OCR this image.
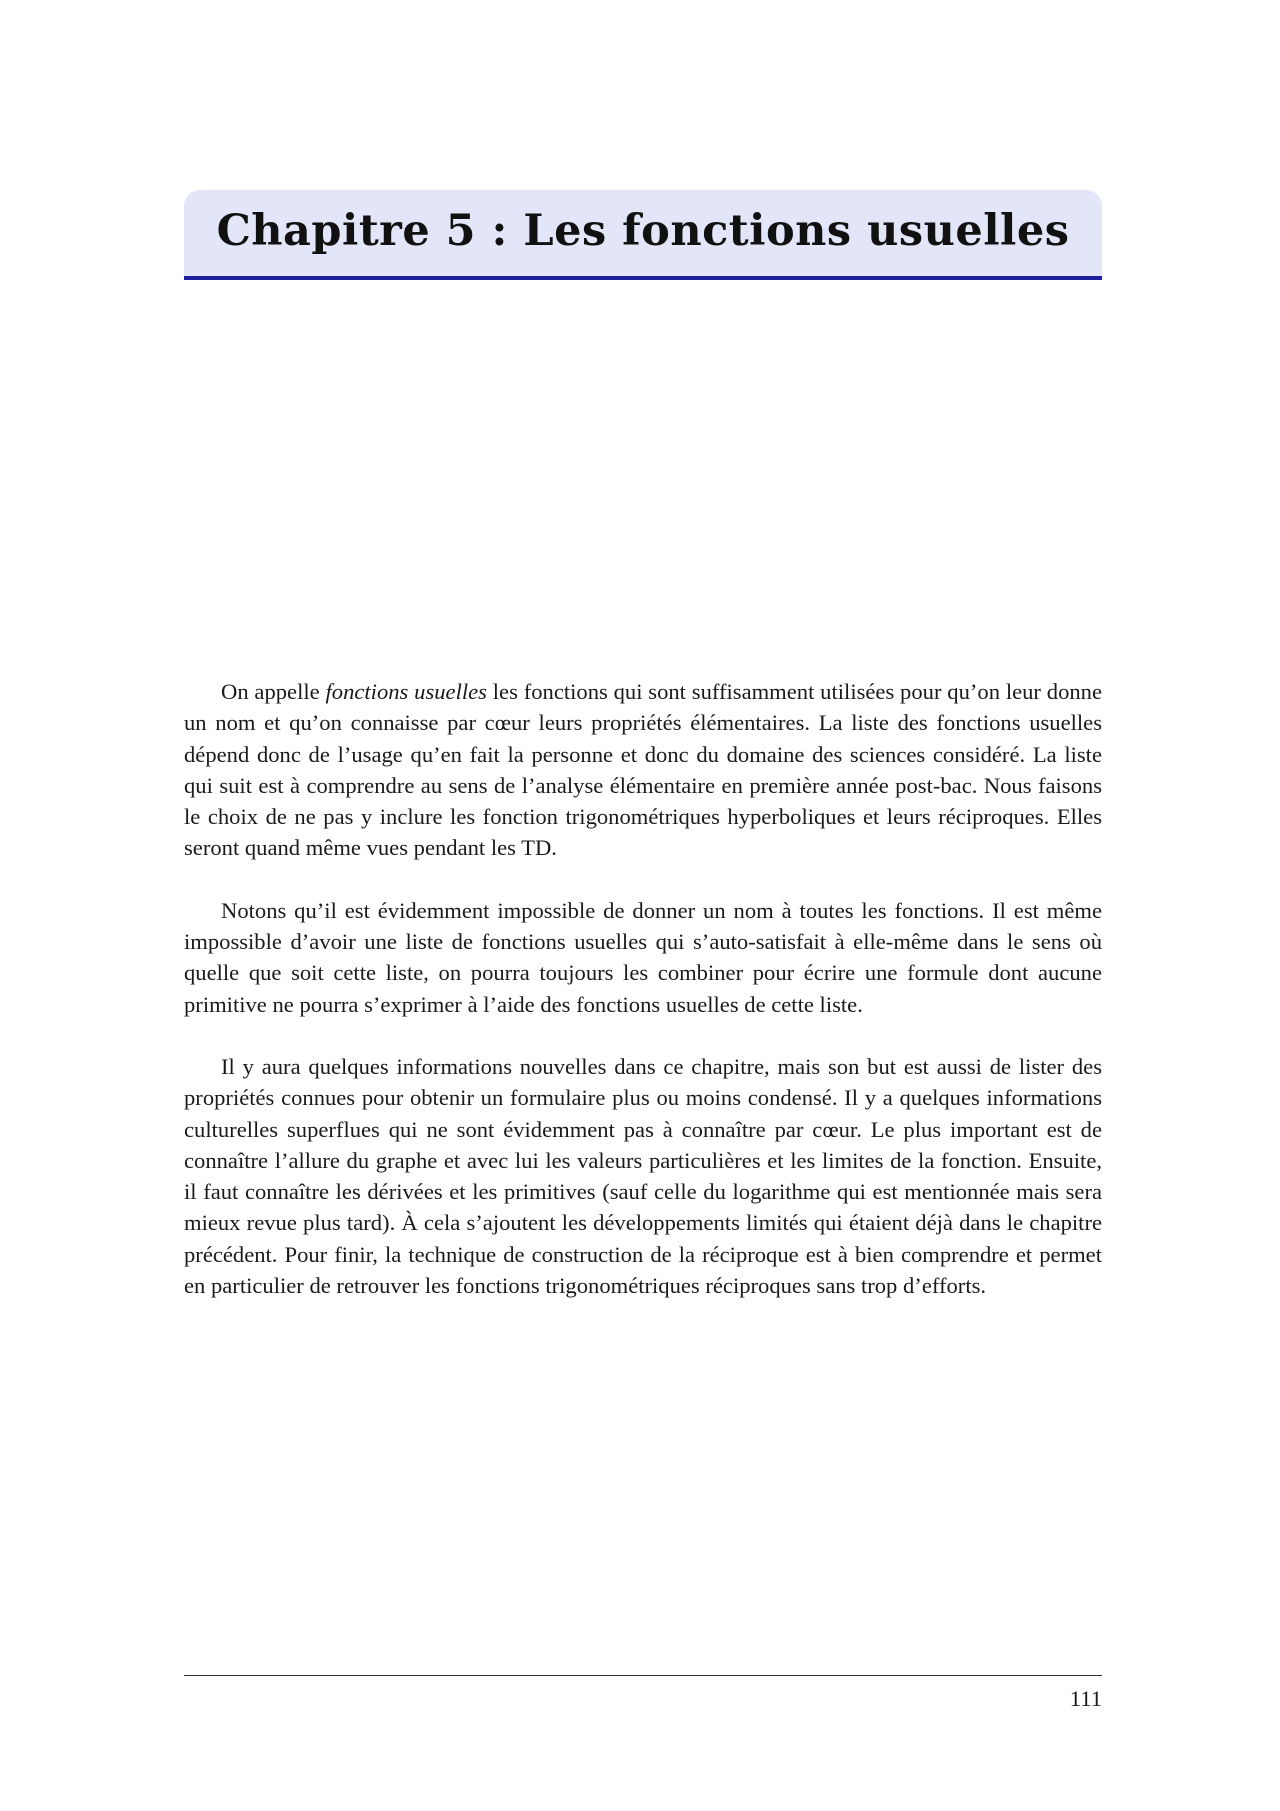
Chapitre 5 : Les fonctions usuelles

On appelle fonctions usuelles les fonctions qui sont suffisamment utilisées pour qu’on leur donne un nom et qu’on connaisse par cœur leurs propriétés élémentaires. La liste des fonctions usuelles dépend donc de l’usage qu’en fait la personne et donc du domaine des sciences considéré. La liste qui suit est à comprendre au sens de l’analyse élémentaire en première année post-bac. Nous faisons le choix de ne pas y inclure les fonction trigonométriques hyperboliques et leurs réciproques. Elles seront quand même vues pendant les TD.

Notons qu’il est évidemment impossible de donner un nom à toutes les fonctions. Il est même impossible d’avoir une liste de fonctions usuelles qui s’auto-satisfait à elle-même dans le sens où quelle que soit cette liste, on pourra toujours les combiner pour écrire une formule dont aucune primitive ne pourra s’exprimer à l’aide des fonctions usuelles de cette liste.

Il y aura quelques informations nouvelles dans ce chapitre, mais son but est aussi de lister des propriétés connues pour obtenir un formulaire plus ou moins condensé. Il y a quelques informations culturelles superflues qui ne sont évidemment pas à connaître par cœur. Le plus important est de connaître l’allure du graphe et avec lui les valeurs particulières et les limites de la fonction. Ensuite, il faut connaître les dérivées et les primitives (sauf celle du logarithme qui est mentionnée mais sera mieux revue plus tard). À cela s’ajoutent les développements limités qui étaient déjà dans le chapitre précédent. Pour finir, la technique de construction de la réciproque est à bien comprendre et permet en particulier de retrouver les fonctions trigonométriques réciproques sans trop d’efforts.

111
